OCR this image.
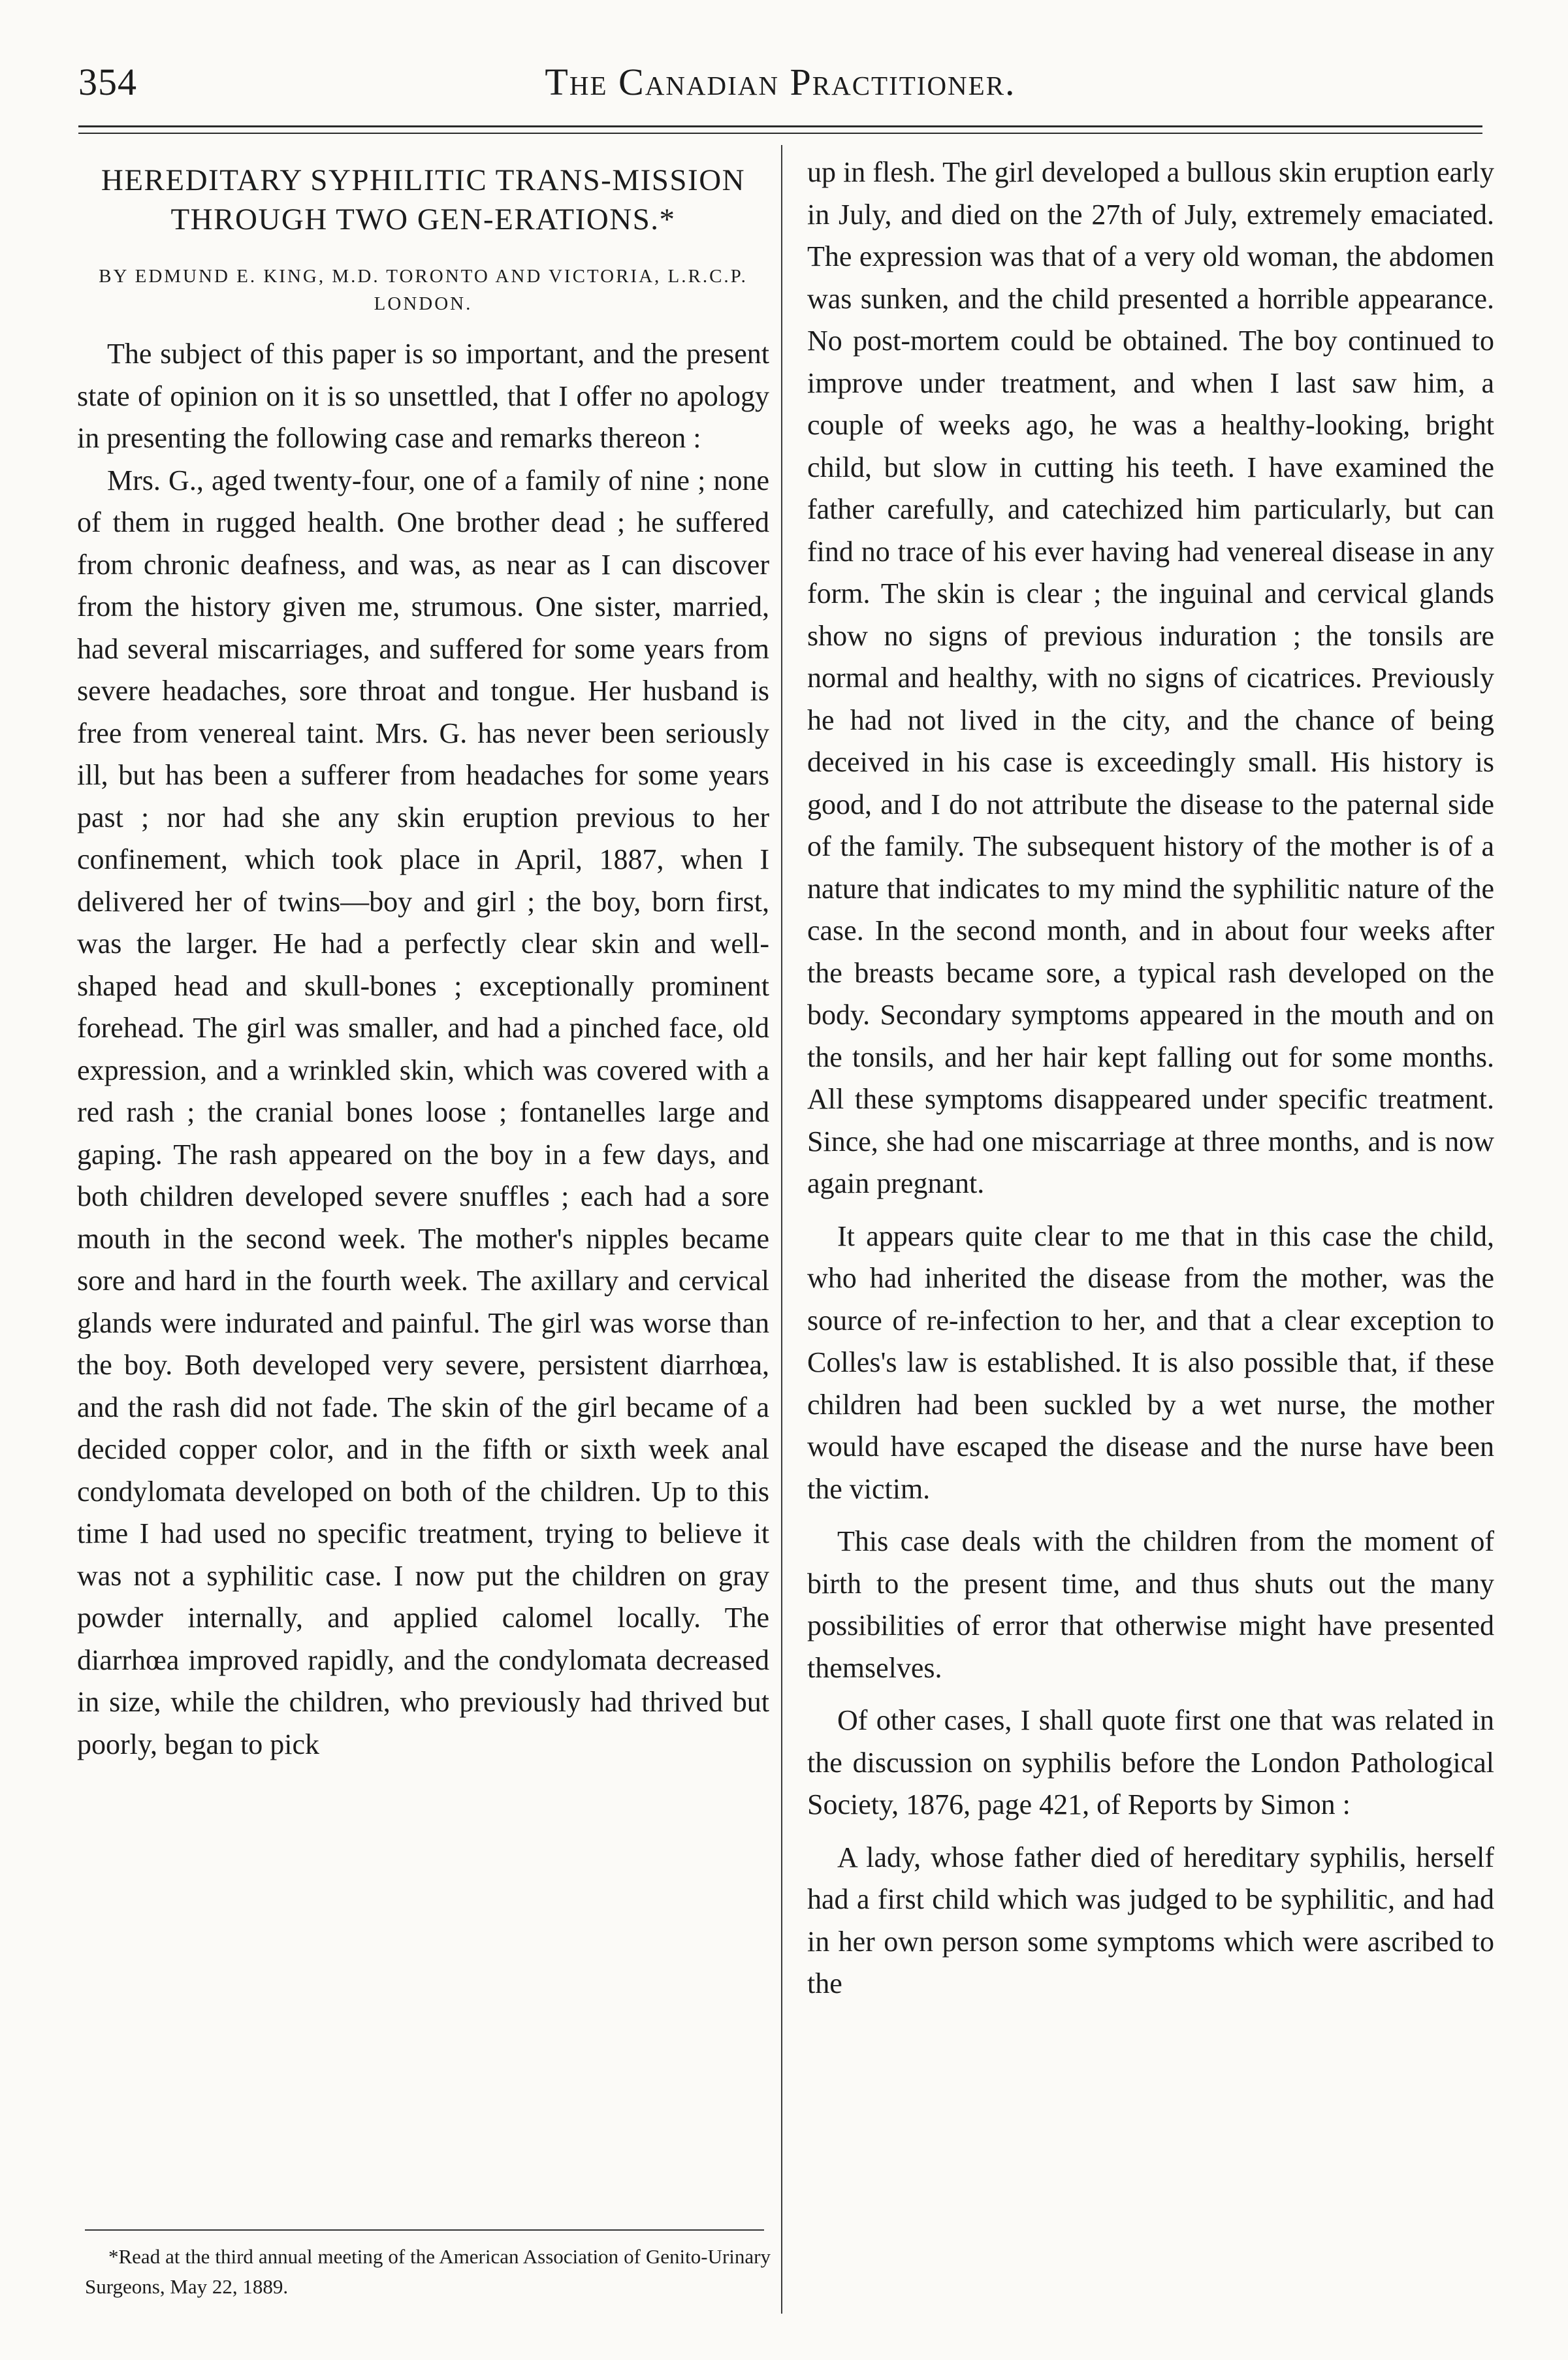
354	The Canadian Practitioner.
HEREDITARY SYPHILITIC TRANS-MISSION THROUGH TWO GEN-ERATIONS.*
BY EDMUND E. KING, M.D. TORONTO AND VICTORIA, L.R.C.P. LONDON.

The subject of this paper is so important, and the present state of opinion on it is so unsettled, that I offer no apology in presenting the following case and remarks thereon :

Mrs. G., aged twenty-four, one of a family of nine ; none of them in rugged health. One brother dead ; he suffered from chronic deafness, and was, as near as I can discover from the history given me, strumous. One sister, married, had several miscarriages, and suffered for some years from severe headaches, sore throat and tongue. Her husband is free from venereal taint. Mrs. G. has never been seriously ill, but has been a sufferer from headaches for some years past ; nor had she any skin eruption previous to her confinement, which took place in April, 1887, when I delivered her of twins—boy and girl ; the boy, born first, was the larger. He had a perfectly clear skin and well-shaped head and skull-bones ; exceptionally prominent forehead. The girl was smaller, and had a pinched face, old expression, and a wrinkled skin, which was covered with a red rash ; the cranial bones loose ; fontanelles large and gaping. The rash appeared on the boy in a few days, and both children developed severe snuffles ; each had a sore mouth in the second week. The mother's nipples became sore and hard in the fourth week. The axillary and cervical glands were indurated and painful. The girl was worse than the boy. Both developed very severe, persistent diarrhœa, and the rash did not fade. The skin of the girl became of a decided copper color, and in the fifth or sixth week anal condylomata developed on both of the children. Up to this time I had used no specific treatment, trying to believe it was not a syphilitic case. I now put the children on gray powder internally, and applied calomel locally. The diarrhœa improved rapidly, and the condylomata decreased in size, while the children, who previously had thrived but poorly, began to pick

up in flesh. The girl developed a bullous skin eruption early in July, and died on the 27th of July, extremely emaciated. The expression was that of a very old woman, the abdomen was sunken, and the child presented a horrible appearance. No post-mortem could be obtained. The boy continued to improve under treatment, and when I last saw him, a couple of weeks ago, he was a healthy-looking, bright child, but slow in cutting his teeth. I have examined the father carefully, and catechized him particularly, but can find no trace of his ever having had venereal disease in any form. The skin is clear ; the inguinal and cervical glands show no signs of previous induration ; the tonsils are normal and healthy, with no signs of cicatrices. Previously he had not lived in the city, and the chance of being deceived in his case is exceedingly small. His history is good, and I do not attribute the disease to the paternal side of the family. The subsequent history of the mother is of a nature that indicates to my mind the syphilitic nature of the case. In the second month, and in about four weeks after the breasts became sore, a typical rash developed on the body. Secondary symptoms appeared in the mouth and on the tonsils, and her hair kept falling out for some months. All these symptoms disappeared under specific treatment. Since, she had one miscarriage at three months, and is now again pregnant.

It appears quite clear to me that in this case the child, who had inherited the disease from the mother, was the source of re-infection to her, and that a clear exception to Colles's law is established. It is also possible that, if these children had been suckled by a wet nurse, the mother would have escaped the disease and the nurse have been the victim.

This case deals with the children from the moment of birth to the present time, and thus shuts out the many possibilities of error that otherwise might have presented themselves.

Of other cases, I shall quote first one that was related in the discussion on syphilis before the London Pathological Society, 1876, page 421, of Reports by Simon :

A lady, whose father died of hereditary syphilis, herself had a first child which was judged to be syphilitic, and had in her own person some symptoms which were ascribed to the

*Read at the third annual meeting of the American Association of Genito-Urinary Surgeons, May 22, 1889.
